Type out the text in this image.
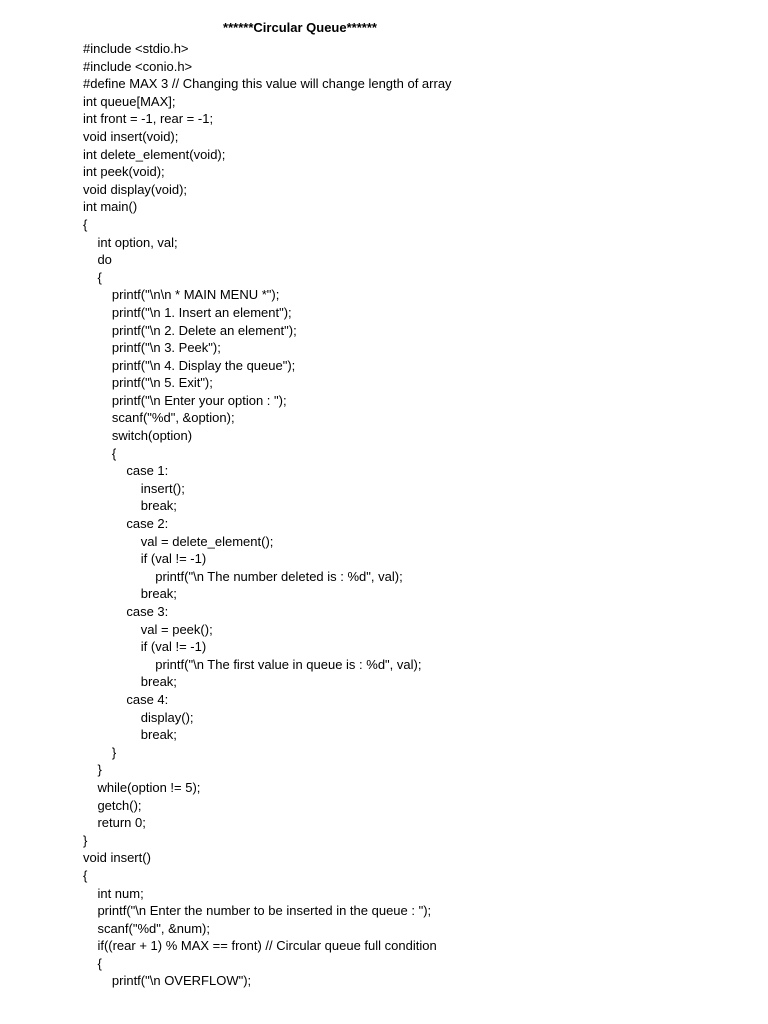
******Circular Queue******
#include <stdio.h>
#include <conio.h>
#define MAX 3 // Changing this value will change length of array
int queue[MAX];
int front = -1, rear = -1;
void insert(void);
int delete_element(void);
int peek(void);
void display(void);
int main()
{
int option, val;
do
{
printf("\n\n * MAIN MENU *");
printf("\n 1. Insert an element");
printf("\n 2. Delete an element");
printf("\n 3. Peek");
printf("\n 4. Display the queue");
printf("\n 5. Exit");
printf("\n Enter your option : ");
scanf("%d", &option);
switch(option)
{
case 1:
insert();
break;
case 2:
val = delete_element();
if (val != -1)
printf("\n The number deleted is : %d", val);
break;
case 3:
val = peek();
if (val != -1)
printf("\n The first value in queue is : %d", val);
break;
case 4:
display();
break;
}
}
while(option != 5);
getch();
return 0;
}
void insert()
{
int num;
printf("\n Enter the number to be inserted in the queue : ");
scanf("%d", &num);
if((rear + 1) % MAX == front) // Circular queue full condition
{
printf("\n OVERFLOW");
